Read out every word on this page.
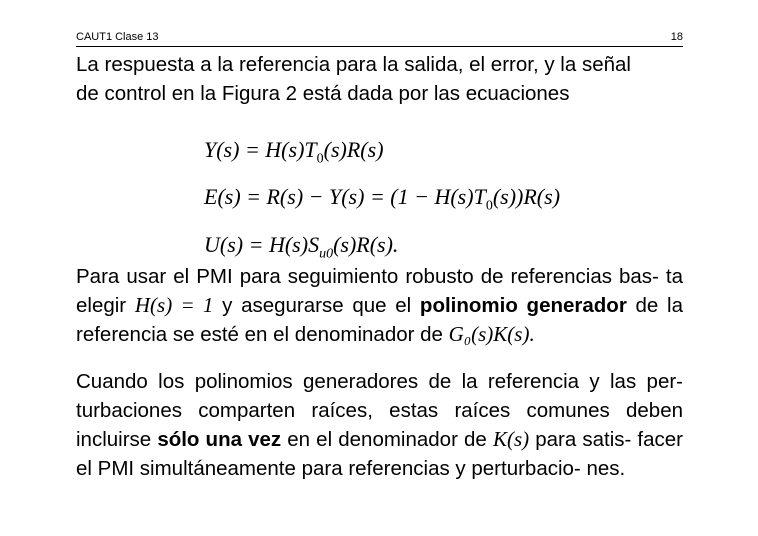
CAUT1 Clase 13	18
La respuesta a la referencia para la salida, el error, y la señal
de control en la Figura 2 está dada por las ecuaciones
  $Y(s) = H(s)T_0(s)R(s)$
  $E(s) = R(s) - Y(s) = (1 - H(s)T_0(s))R(s)$
  $U(s) = H(s)S_{u0}(s)R(s)$.
Para usar el PMI para seguimiento robusto de referencias bas- ta elegir H(s) = 1 y asegurarse que el polinomio generador de la referencia se esté en el denominador de G₀(s)K(s).
Cuando los polinomios generadores de la referencia y las per- turbaciones comparten raíces, estas raíces comunes deben incluirse sólo una vez en el denominador de K(s) para satis- facer el PMI simultáneamente para referencias y perturbacio- nes.
